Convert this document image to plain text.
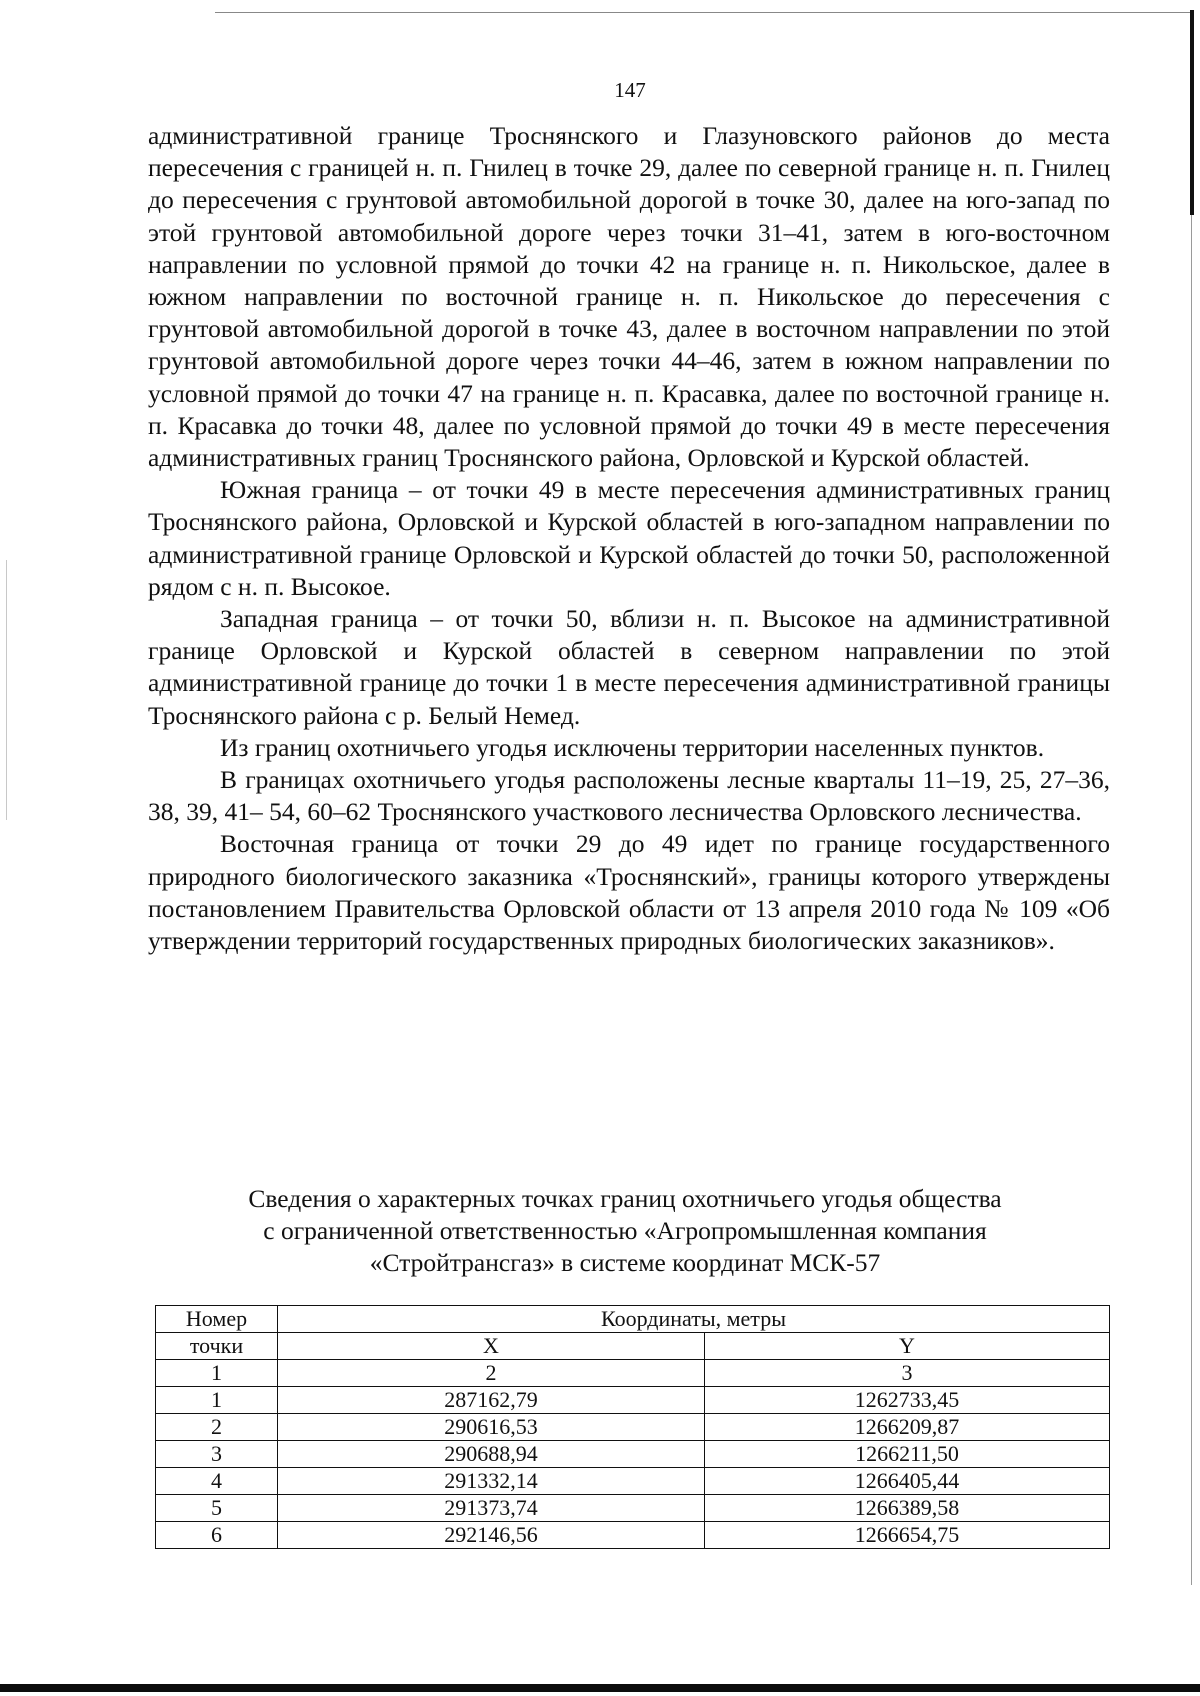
147

административной границе Троснянского и Глазуновского районов до места пересечения с границей н. п. Гнилец в точке 29, далее по северной границе н. п. Гнилец до пересечения с грунтовой автомобильной дорогой в точке 30, далее на юго-запад по этой грунтовой автомобильной дороге через точки 31–41, затем в юго-восточном направлении по условной прямой до точки 42 на границе н. п. Никольское, далее в южном направлении по восточной границе н. п. Никольское до пересечения с грунтовой автомобильной дорогой в точке 43, далее в восточном направлении по этой грунтовой автомобильной дороге через точки 44–46, затем в южном направлении по условной прямой до точки 47 на границе н. п. Красавка, далее по восточной границе н. п. Красавка до точки 48, далее по условной прямой до точки 49 в месте пересечения административных границ Троснянского района, Орловской и Курской областей.

Южная граница – от точки 49 в месте пересечения административных границ Троснянского района, Орловской и Курской областей в юго-западном направлении по административной границе Орловской и Курской областей до точки 50, расположенной рядом с н. п. Высокое.

Западная граница – от точки 50, вблизи н. п. Высокое на административной границе Орловской и Курской областей в северном направлении по этой административной границе до точки 1 в месте пересечения административной границы Троснянского района с р. Белый Немед.

Из границ охотничьего угодья исключены территории населенных пунктов.

В границах охотничьего угодья расположены лесные кварталы 11–19, 25, 27–36, 38, 39, 41– 54, 60–62 Троснянского участкового лесничества Орловского лесничества.

Восточная граница от точки 29 до 49 идет по границе государственного природного биологического заказника «Троснянский», границы которого утверждены постановлением Правительства Орловской области от 13 апреля 2010 года № 109 «Об утверждении территорий государственных природных биологических заказников».

Сведения о характерных точках границ охотничьего угодья общества
с ограниченной ответственностью «Агропромышленная компания
«Стройтрансгаз» в системе координат МСК-57
Номер	Координаты, метры	
точки	X	Y
1	2	3
1	287162,79	1262733,45
2	290616,53	1266209,87
3	290688,94	1266211,50
4	291332,14	1266405,44
5	291373,74	1266389,58
6	292146,56	1266654,75
